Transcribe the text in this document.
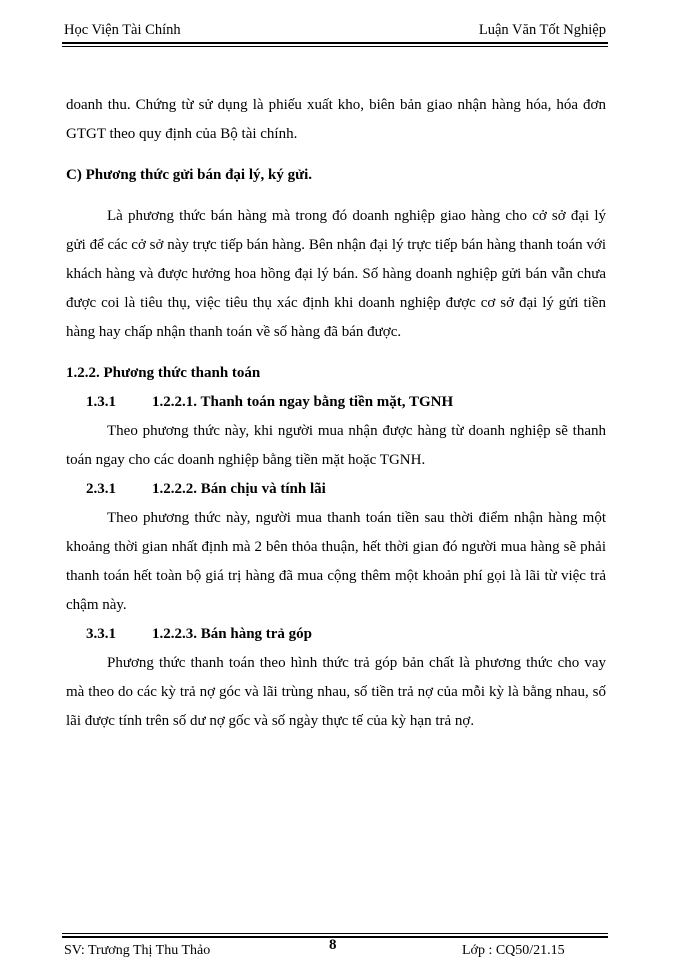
Học Viện Tài Chính	Luận Văn Tốt Nghiệp

doanh thu. Chứng từ sử dụng là phiếu xuất kho, biên bản giao nhận hàng hóa, hóa đơn GTGT theo quy định của Bộ tài chính.

C) Phương thức gửi bán đại lý, ký gửi.

Là phương thức bán hàng mà trong đó doanh nghiệp giao hàng cho cở sở đại lý gửi để các cở sở này trực tiếp bán hàng. Bên nhận đại lý trực tiếp bán hàng thanh toán với khách hàng và được hưởng hoa hồng đại lý bán. Số hàng doanh nghiệp gửi bán vẫn chưa được coi là tiêu thụ, việc tiêu thụ xác định khi doanh nghiệp được cơ sở đại lý gửi tiền hàng hay chấp nhận thanh toán về số hàng đã bán được.

1.2.2. Phương thức thanh toán

1.3.1	1.2.2.1. Thanh toán ngay bằng tiền mặt, TGNH

Theo phương thức này, khi người mua nhận được hàng từ doanh nghiệp sẽ thanh toán ngay cho các doanh nghiệp bằng tiền mặt hoặc TGNH.

2.3.1	1.2.2.2. Bán chịu và tính lãi

Theo phương thức này, người mua thanh toán tiền sau thời điểm nhận hàng một khoảng thời gian nhất định mà 2 bên thỏa thuận, hết thời gian đó người mua hàng sẽ phải thanh toán hết toàn bộ giá trị hàng đã mua cộng thêm một khoản phí gọi là lãi từ việc trả chậm này.

3.3.1	1.2.2.3. Bán hàng trả góp

Phương thức thanh toán theo hình thức trả góp bản chất là phương thức cho vay mà theo do các kỳ trả nợ góc và lãi trùng nhau, số tiền trả nợ của mỗi kỳ là bằng nhau, số lãi được tính trên số dư nợ gốc và số ngày thực tế của kỳ hạn trả nợ.

SV: Trương Thị Thu Thảo	8	Lớp : CQ50/21.15
